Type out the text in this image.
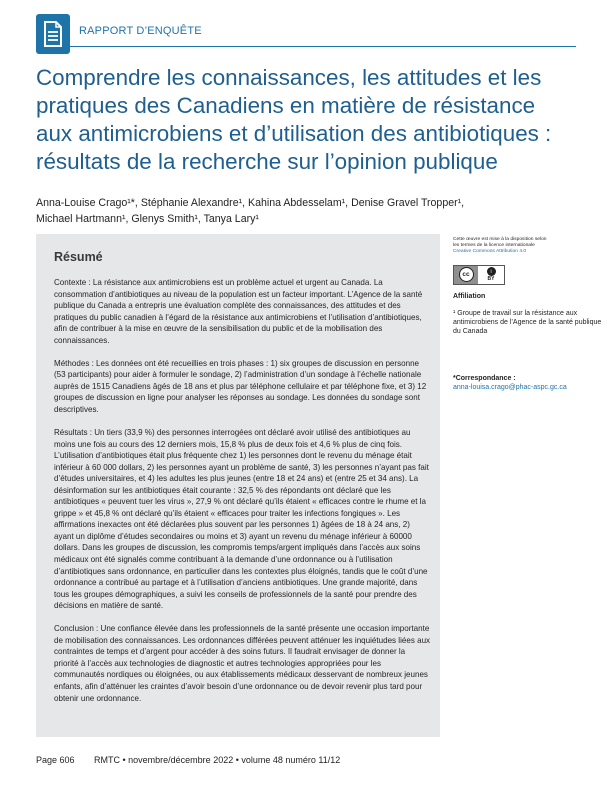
RAPPORT D’ENQUÊTE
Comprendre les connaissances, les attitudes et les
pratiques des Canadiens en matière de résistance
aux antimicrobiens et d’utilisation des antibiotiques :
résultats de la recherche sur l’opinion publique
Anna-Louise Crago¹*, Stéphanie Alexandre¹, Kahina Abdesselam¹, Denise Gravel Tropper¹,
Michael Hartmann¹, Glenys Smith¹, Tanya Lary¹
Résumé

Contexte : La résistance aux antimicrobiens est un problème actuel et urgent au Canada. La consommation d’antibiotiques au niveau de la population est un facteur important. L’Agence de la santé publique du Canada a entrepris une évaluation complète des connaissances, des attitudes et des pratiques du public canadien à l’égard de la résistance aux antimicrobiens et l’utilisation d’antibiotiques, afin de contribuer à la mise en œuvre de la sensibilisation du public et de la mobilisation des connaissances.

Méthodes : Les données ont été recueillies en trois phases : 1) six groupes de discussion en personne (53 participants) pour aider à formuler le sondage, 2) l’administration d’un sondage à l’échelle nationale auprès de 1515 Canadiens âgés de 18 ans et plus par téléphone cellulaire et par téléphone fixe, et 3) 12 groupes de discussion en ligne pour analyser les réponses au sondage. Les données du sondage sont descriptives.

Résultats : Un tiers (33,9 %) des personnes interrogées ont déclaré avoir utilisé des antibiotiques au moins une fois au cours des 12 derniers mois, 15,8 % plus de deux fois et 4,6 % plus de cinq fois. L’utilisation d’antibiotiques était plus fréquente chez 1) les personnes dont le revenu du ménage était inférieur à 60 000 dollars, 2) les personnes ayant un problème de santé, 3) les personnes n’ayant pas fait d’études universitaires, et 4) les adultes les plus jeunes (entre 18 et 24 ans) et (entre 25 et 34 ans). La désinformation sur les antibiotiques était courante : 32,5 % des répondants ont déclaré que les antibiotiques « peuvent tuer les virus », 27,9 % ont déclaré qu’ils étaient « efficaces contre le rhume et la grippe » et 45,8 % ont déclaré qu’ils étaient « efficaces pour traiter les infections fongiques ». Les affirmations inexactes ont été déclarées plus souvent par les personnes 1) âgées de 18 à 24 ans, 2) ayant un diplôme d’études secondaires ou moins et 3) ayant un revenu du ménage inférieur à 60000 dollars. Dans les groupes de discussion, les compromis temps/argent impliqués dans l’accès aux soins médicaux ont été signalés comme contribuant à la demande d’une ordonnance ou à l’utilisation d’antibiotiques sans ordonnance, en particulier dans les contextes plus éloignés, tandis que le coût d’une ordonnance a contribué au partage et à l’utilisation d’anciens antibiotiques. Une grande majorité, dans tous les groupes démographiques, a suivi les conseils de professionnels de la santé pour prendre des décisions en matière de santé.

Conclusion : Une confiance élevée dans les professionnels de la santé présente une occasion importante de mobilisation des connaissances. Les ordonnances différées peuvent atténuer les inquiétudes liées aux contraintes de temps et d’argent pour accéder à des soins futurs. Il faudrait envisager de donner la priorité à l’accès aux technologies de diagnostic et autres technologies appropriées pour les communautés nordiques ou éloignées, ou aux établissements médicaux desservant de nombreux jeunes enfants, afin d’atténuer les craintes d’avoir besoin d’une ordonnance ou de devoir revenir plus tard pour obtenir une ordonnance.

Cette œuvre est mise à la disposition selon
les termes de la licence internationale
Creative Commons Attribution 4.0
cc	i
BY
Affiliation
¹ Groupe de travail sur la résistance aux antimicrobiens de l’Agence de la santé publique du Canada
*Correspondance :
anna-louisa.crago@phac-aspc.gc.ca
Page 606 RMTC • novembre/décembre 2022 • volume 48 numéro 11/12
